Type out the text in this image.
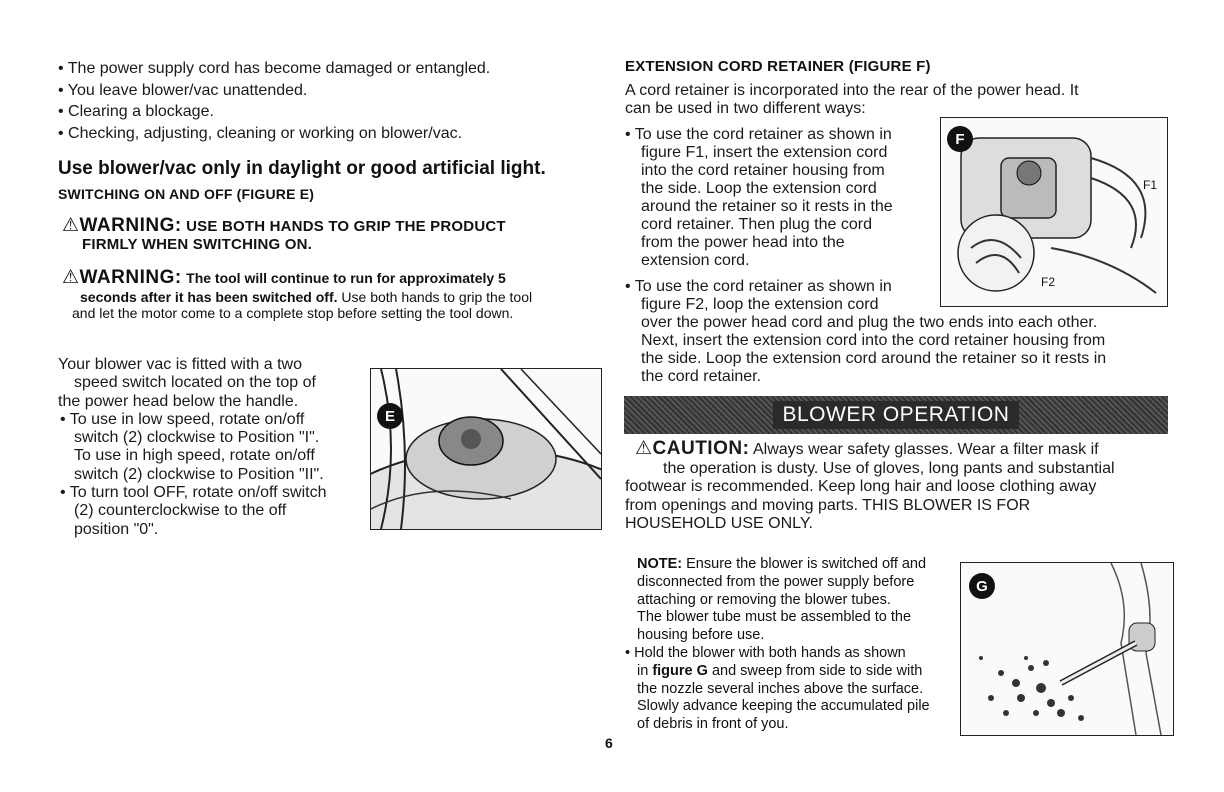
• The power supply cord has become damaged or entangled.
• You leave blower/vac unattended.
• Clearing a blockage.
• Checking, adjusting, cleaning or working on blower/vac.
Use blower/vac only in daylight or good artificial light.
SWITCHING ON AND OFF (FIGURE E)
⚠WARNING: USE BOTH HANDS TO GRIP THE PRODUCT
FIRMLY WHEN SWITCHING ON.
⚠WARNING: The tool will continue to run for approximately 5
seconds after it has been switched off. Use both hands to grip the tool
and let the motor come to a complete stop before setting the tool down.
Your blower vac is fitted with a two
speed switch located on the top of
the power head below the handle.
• To use in low speed, rotate on/off
switch (2) clockwise to Position "I".
To use in high speed, rotate on/off
switch (2) clockwise to Position "II".
• To turn tool OFF, rotate on/off switch
(2) counterclockwise to the off
position "0".
E
EXTENSION CORD RETAINER (FIGURE F)
A cord retainer is incorporated into the rear of the power head. It
can be used in two different ways:
• To use the cord retainer as shown in
figure F1, insert the extension cord
into the cord retainer housing from
the side. Loop the extension cord
around the retainer so it rests in the
cord retainer. Then plug the cord
from the power head into the
extension cord.
• To use the cord retainer as shown in
figure F2, loop the extension cord
over the power head cord and plug the two ends into each other.
Next, insert the extension cord into the cord retainer housing from
the side. Loop the extension cord around the retainer so it rests in
the cord retainer.
F
F1
F2
BLOWER OPERATION
⚠CAUTION: Always wear safety glasses. Wear a filter mask if
the operation is dusty. Use of gloves, long pants and substantial
footwear is recommended. Keep long hair and loose clothing away
from openings and moving parts. THIS BLOWER IS FOR
HOUSEHOLD USE ONLY.
NOTE: Ensure the blower is switched off and
disconnected from the power supply before
attaching or removing the blower tubes.
The blower tube must be assembled to the
housing before use.
• Hold the blower with both hands as shown
in figure G and sweep from side to side with
the nozzle several inches above the surface.
Slowly advance keeping the accumulated pile
of debris in front of you.
G
6
